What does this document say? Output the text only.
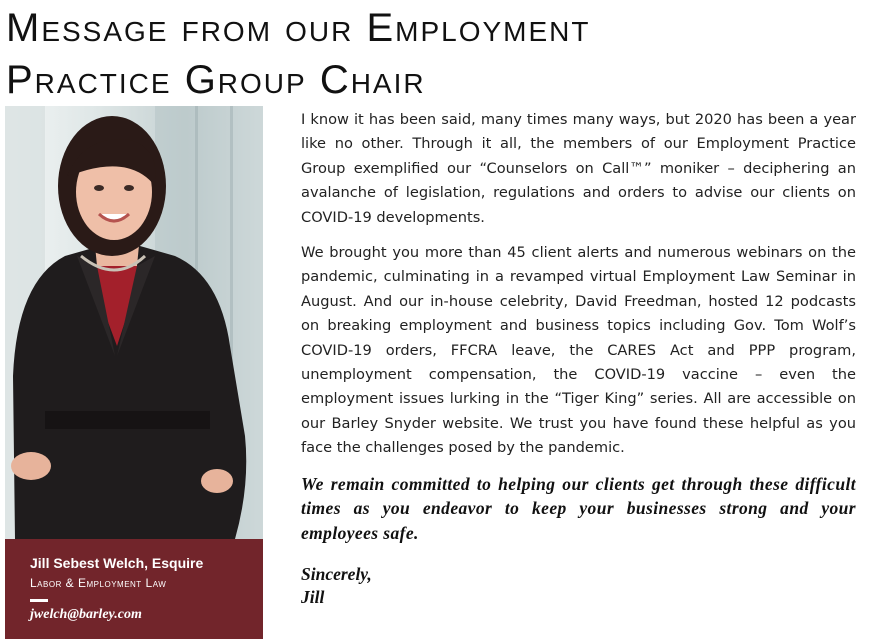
Message from our Employment
Practice Group Chair
Jill Sebest Welch, Esquire
Labor & Employment Law
jwelch@barley.com

I know it has been said, many times many ways, but 2020 has been a year like no other. Through it all, the members of our Employment Practice Group exemplified our “Counselors on Call™” moniker – deciphering an avalanche of legislation, regulations and orders to advise our clients on COVID-19 developments.

We brought you more than 45 client alerts and numerous webinars on the pandemic, culminating in a revamped virtual Employment Law Seminar in August. And our in-house celebrity, David Freedman, hosted 12 podcasts on breaking employment and business topics including Gov. Tom Wolf’s COVID-19 orders, FFCRA leave, the CARES Act and PPP program, unemployment compensation, the COVID-19 vaccine – even the employment issues lurking in the “Tiger King” series. All are accessible on our Barley Snyder website. We trust you have found these helpful as you face the challenges posed by the pandemic.

We remain committed to helping our clients get through these difficult times as you endeavor to keep your businesses strong and your employees safe.

Sincerely,
Jill
